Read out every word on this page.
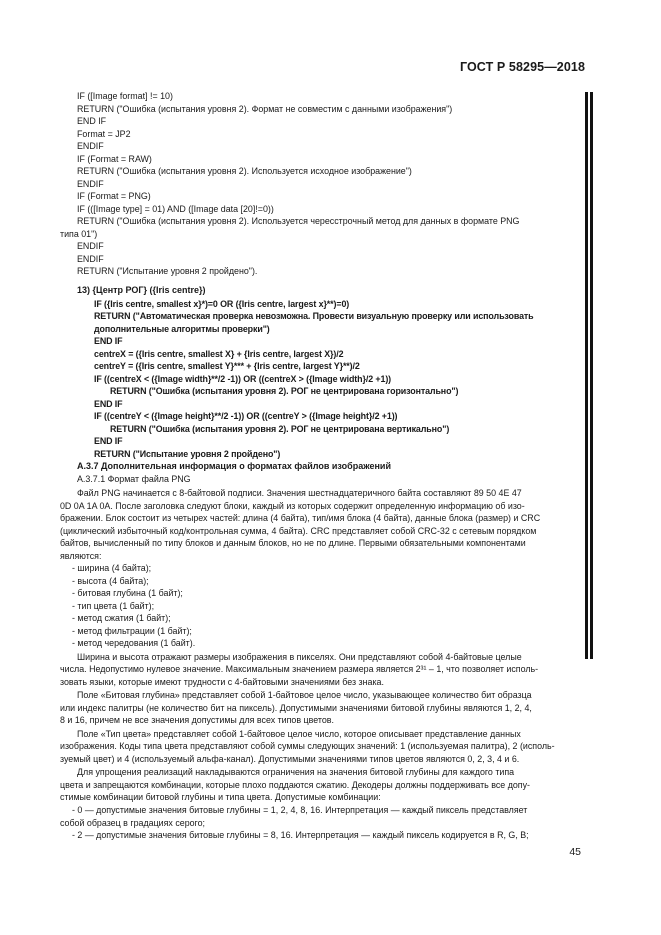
ГОСТ Р 58295—2018
IF ([Image format] != 10)
RETURN ("Ошибка (испытания уровня 2). Формат не совместим с данными изображения")
END IF
Format = JP2
ENDIF
IF (Format = RAW)
RETURN ("Ошибка (испытания уровня 2). Используется исходное изображение")
ENDIF
IF (Format = PNG)
IF (([Image type] = 01) AND ([Image data [20]!=0))
RETURN ("Ошибка (испытания уровня 2). Используется чересстрочный метод для данных в формате PNG
типа 01")
ENDIF
ENDIF
RETURN ("Испытание уровня 2 пройдено").
13) {Центр РОГ} ({Iris centre})
IF ({Iris centre, smallest x}*)=0 OR ({Iris centre, largest x}**)=0)
RETURN ("Автоматическая проверка невозможна. Провести визуальную проверку или использовать
дополнительные алгоритмы проверки")
END IF
centreX = ({Iris centre, smallest X} + {Iris centre, largest X})/2
centreY = ({Iris centre, smallest Y}*** + {Iris centre, largest Y}**)/2
IF ((centreX < ({Image width}**/2 -1)) OR ((centreX > ({Image width}/2 +1))
RETURN ("Ошибка (испытания уровня 2). РОГ не центрирована горизонтально")
END IF
IF ((centreY < ({Image height}**/2 -1)) OR ((centreY > ({Image height}/2 +1))
RETURN ("Ошибка (испытания уровня 2). РОГ не центрирована вертикально")
END IF
RETURN ("Испытание уровня 2 пройдено")
А.3.7 Дополнительная информация о форматах файлов изображений
А.3.7.1 Формат файла PNG
Файл PNG начинается с 8-байтовой подписи. Значения шестнадцатеричного байта составляют 89 50 4E 47
0D 0A 1A 0A. После заголовка следуют блоки, каждый из которых содержит определенную информацию об изо-
бражении. Блок состоит из четырех частей: длина (4 байта), тип/имя блока (4 байта), данные блока (размер) и CRC
(циклический избыточный код/контрольная сумма, 4 байта). CRC представляет собой CRC-32 с сетевым порядком
байтов, вычисленный по типу блоков и данным блоков, но не по длине. Первыми обязательными компонентами
являются:
- ширина (4 байта);
- высота (4 байта);
- битовая глубина (1 байт);
- тип цвета (1 байт);
- метод сжатия (1 байт);
- метод фильтрации (1 байт);
- метод чередования (1 байт).
Ширина и высота отражают размеры изображения в пикселях. Они представляют собой 4-байтовые целые
числа. Недопустимо нулевое значение. Максимальным значением размера является 2³¹ – 1, что позволяет исполь-
зовать языки, которые имеют трудности с 4-байтовыми значениями без знака.
Поле «Битовая глубина» представляет собой 1-байтовое целое число, указывающее количество бит образца
или индекс палитры (не количество бит на пиксель). Допустимыми значениями битовой глубины являются 1, 2, 4,
8 и 16, причем не все значения допустимы для всех типов цветов.
Поле «Тип цвета» представляет собой 1-байтовое целое число, которое описывает представление данных
изображения. Коды типа цвета представляют собой суммы следующих значений: 1 (используемая палитра), 2 (исполь-
зуемый цвет) и 4 (используемый альфа-канал). Допустимыми значениями типов цветов являются 0, 2, 3, 4 и 6.
Для упрощения реализаций накладываются ограничения на значения битовой глубины для каждого типа
цвета и запрещаются комбинации, которые плохо поддаются сжатию. Декодеры должны поддерживать все допу-
стимые комбинации битовой глубины и типа цвета. Допустимые комбинации:
- 0 — допустимые значения битовые глубины = 1, 2, 4, 8, 16. Интерпретация — каждый пиксель представляет
собой образец в градациях серого;
- 2 — допустимые значения битовые глубины = 8, 16. Интерпретация — каждый пиксель кодируется в R, G, B;
45
